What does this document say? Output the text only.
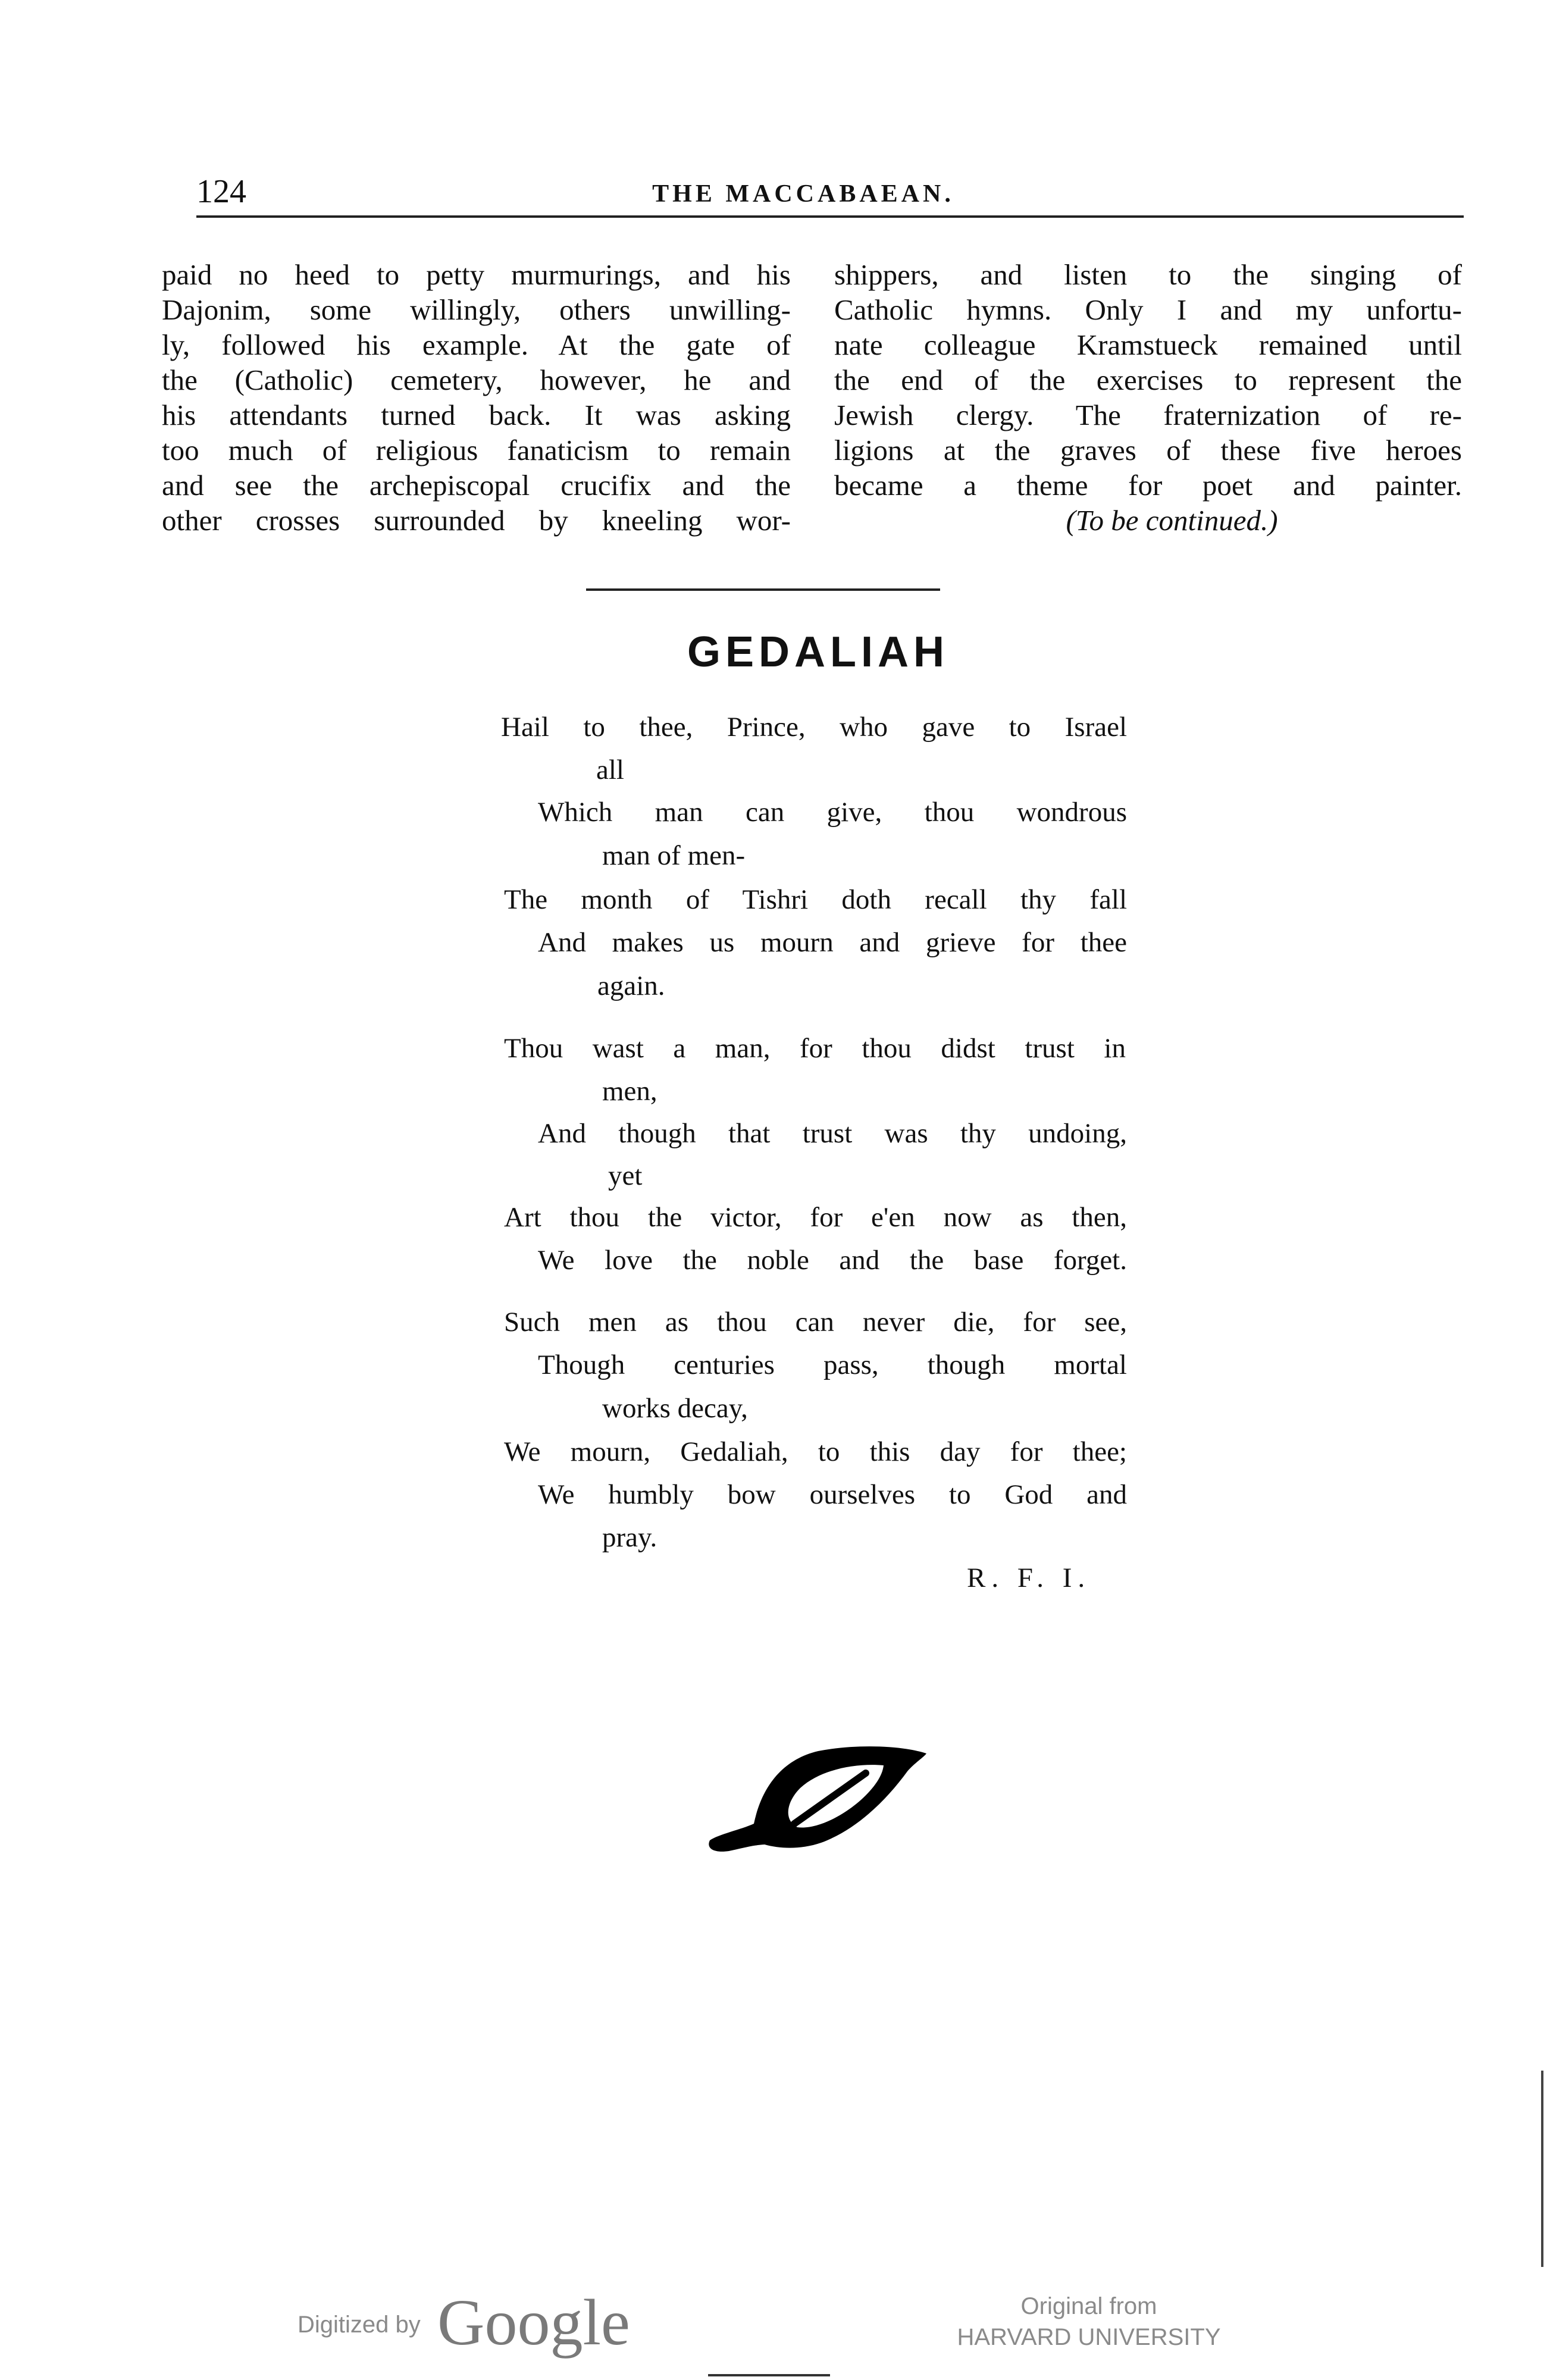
124	THE MACCABAEAN.
paid no heed to petty murmurings, and his
Dajonim, some willingly, others unwilling-
ly, followed his example. At the gate of
the (Catholic) cemetery, however, he and
his attendants turned back. It was asking
too much of religious fanaticism to remain
and see the archepiscopal crucifix and the
other crosses surrounded by kneeling wor-
shippers, and listen to the singing of
Catholic hymns. Only I and my unfortu-
nate colleague Kramstueck remained until
the end of the exercises to represent the
Jewish clergy. The fraternization of re-
ligions at the graves of these five heroes
became a theme for poet and painter.
(To be continued.)
GEDALIAH
Hail to thee, Prince, who gave to Israel
all
Which man can give, thou wondrous
man of men-
The month of Tishri doth recall thy fall
And makes us mourn and grieve for thee
again.
Thou wast a man, for thou didst trust in
men,
And though that trust was thy undoing,
yet
Art thou the victor, for e'en now as then,
We love the noble and the base forget.
Such men as thou can never die, for see,
Though centuries pass, though mortal
works decay,
We mourn, Gedaliah, to this day for thee;
We humbly bow ourselves to God and
pray.
R. F. I.
Digitized by Google	Original from
HARVARD UNIVERSITY
